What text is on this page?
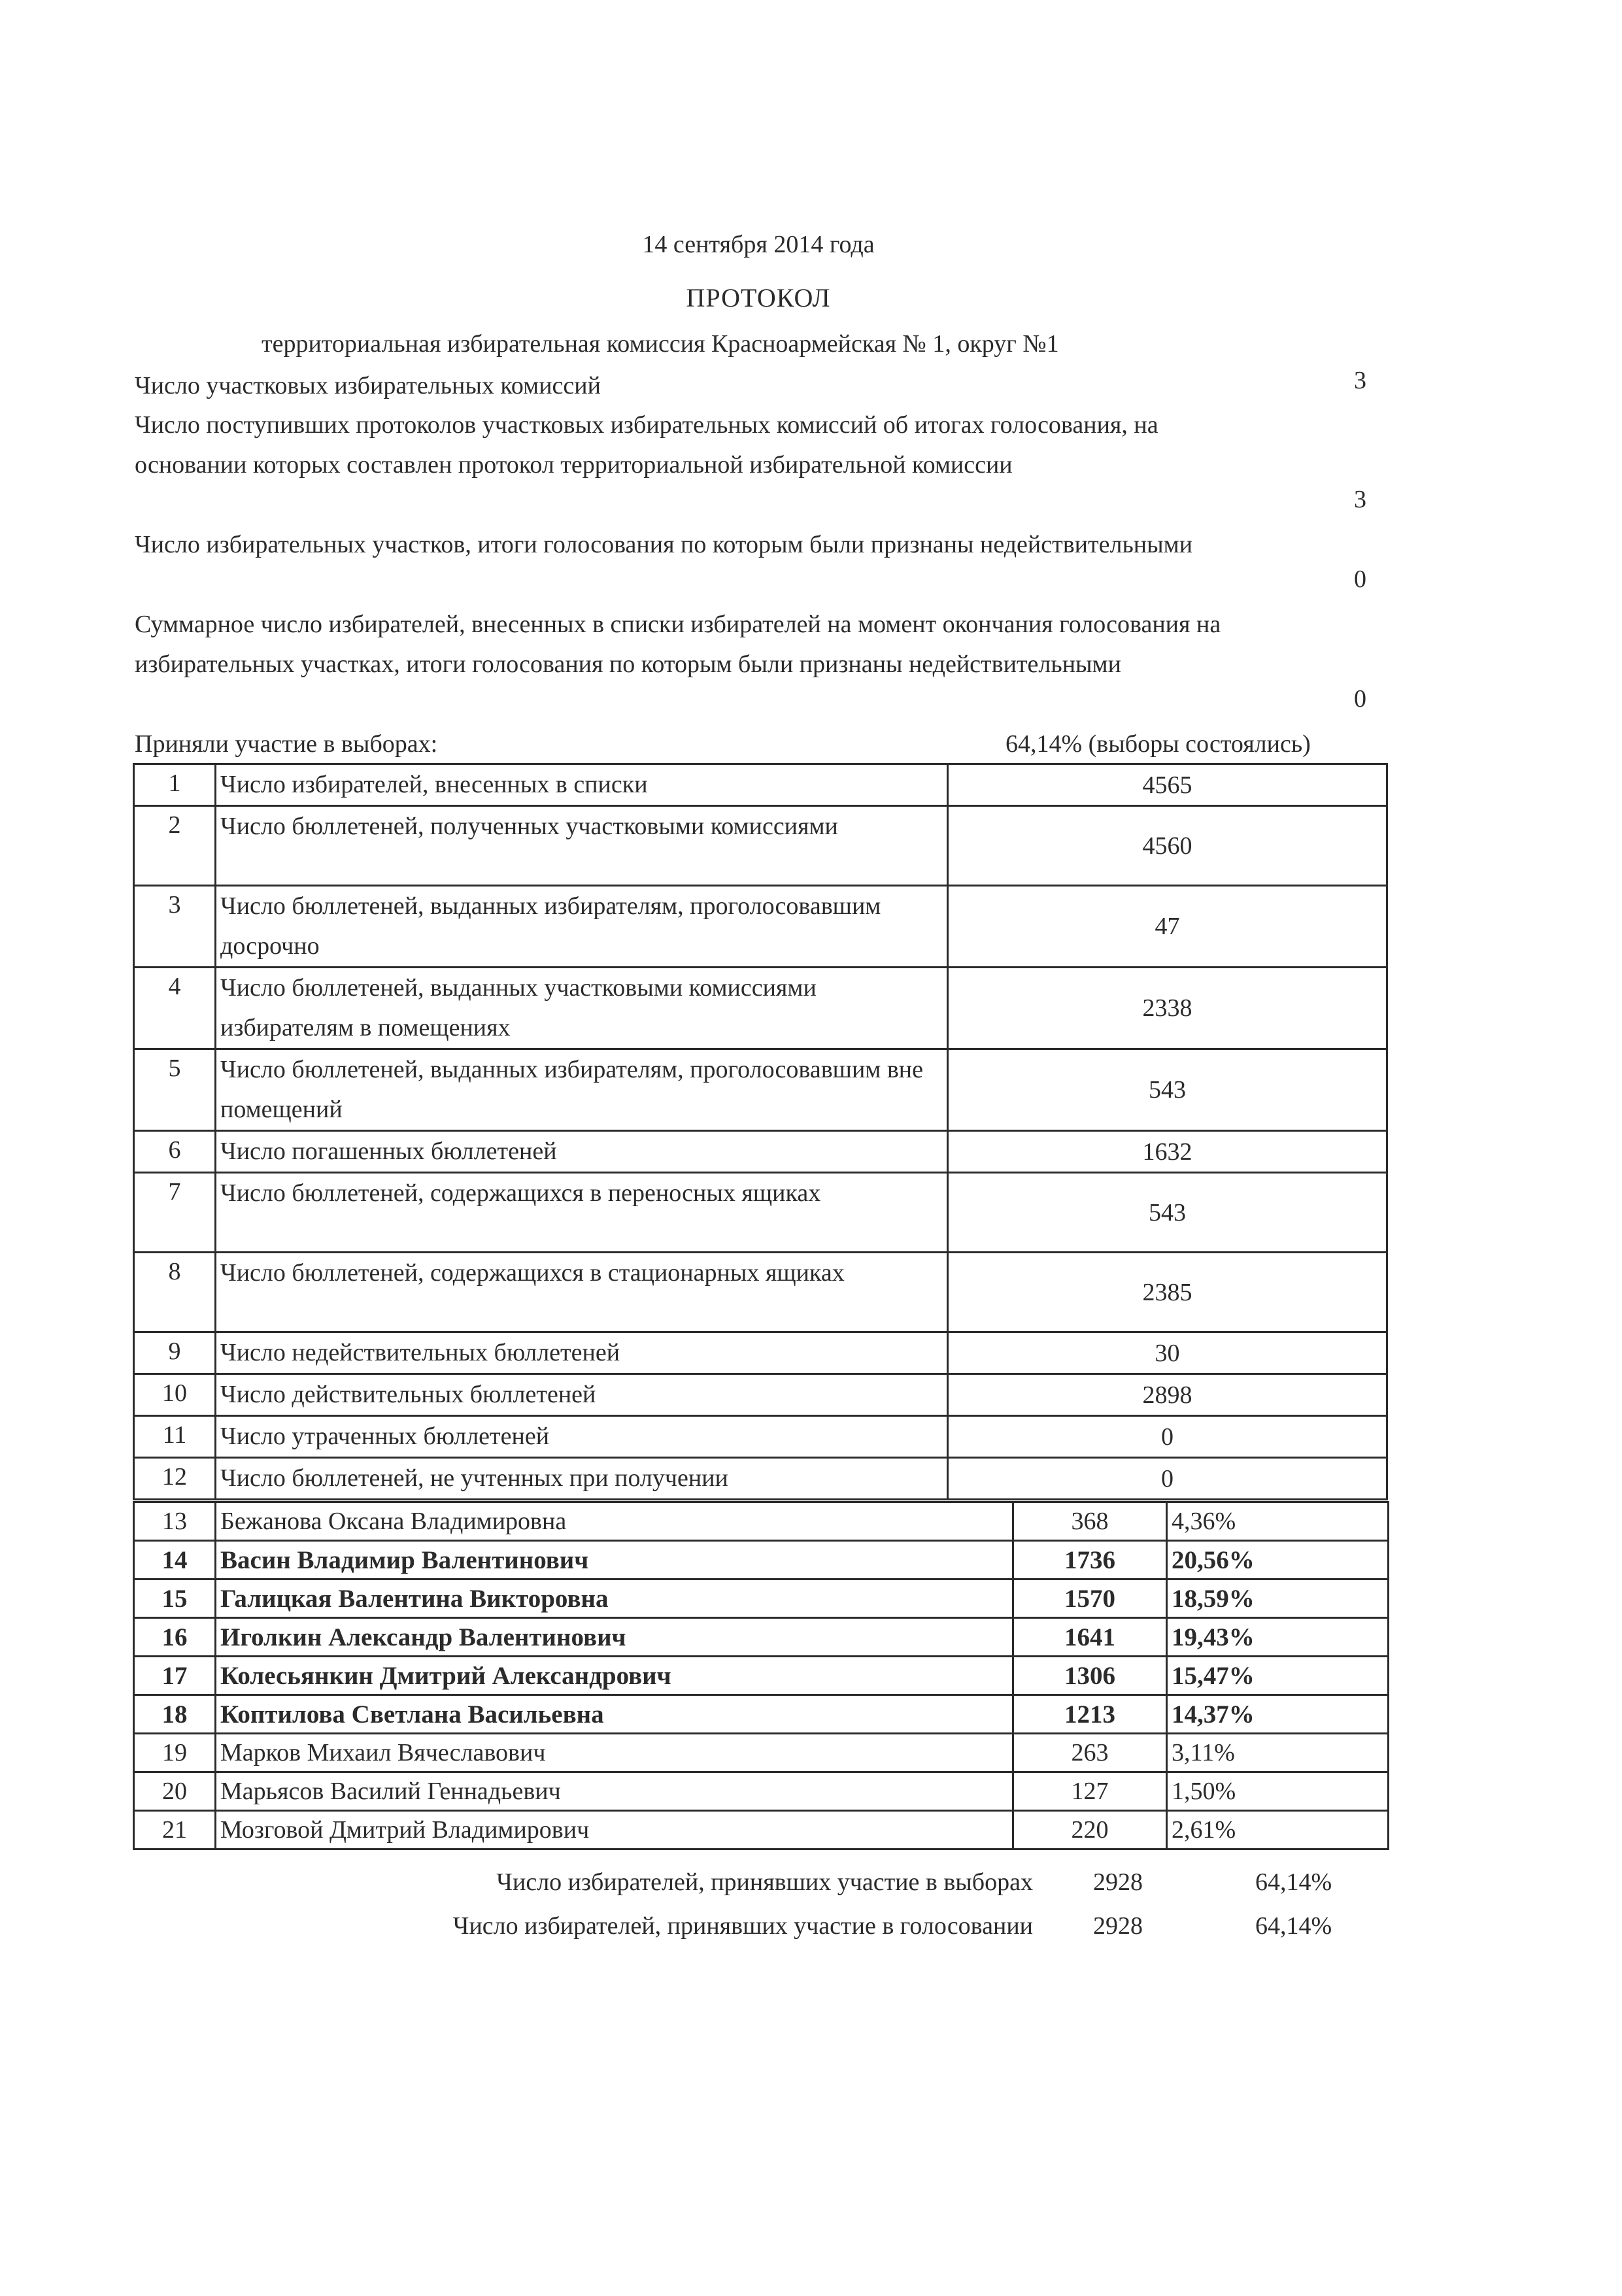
14 сентября 2014 года
ПРОТОКОЛ
территориальная избирательная комиссия Красноармейская № 1, округ №1
Число участковых избирательных комиссий	3
Число поступивших протоколов участковых избирательных комиссий об итогах голосования, на основании которых составлен протокол территориальной избирательной комиссии
3
Число избирательных участков, итоги голосования по которым были признаны недействительными
0
Суммарное число избирателей, внесенных в списки избирателей на момент окончания голосования на избирательных участках, итоги голосования по которым были признаны недействительными
0
Приняли участие в выборах:	64,14% (выборы состоялись)
1	Число избирателей, внесенных в списки	4565
2	Число бюллетеней, полученных участковыми комиссиями	4560
3	Число бюллетеней, выданных избирателям, проголосовавшим досрочно	47
4	Число бюллетеней, выданных участковыми комиссиями избирателям в помещениях	2338
5	Число бюллетеней, выданных избирателям, проголосовавшим вне помещений	543
6	Число погашенных бюллетеней	1632
7	Число бюллетеней, содержащихся в переносных ящиках	543
8	Число бюллетеней, содержащихся в стационарных ящиках	2385
9	Число недействительных бюллетеней	30
10	Число действительных бюллетеней	2898
11	Число утраченных бюллетеней	0
12	Число бюллетеней, не учтенных при получении	0
13	Бежанова Оксана Владимировна	368	4,36%
14	Васин Владимир Валентинович	1736	20,56%
15	Галицкая Валентина Викторовна	1570	18,59%
16	Иголкин Александр Валентинович	1641	19,43%
17	Колесьянкин Дмитрий Александрович	1306	15,47%
18	Коптилова Светлана Васильевна	1213	14,37%
19	Марков Михаил Вячеславович	263	3,11%
20	Марьясов Василий Геннадьевич	127	1,50%
21	Мозговой Дмитрий Владимирович	220	2,61%
Число избирателей, принявших участие в выборах 2928	64,14%
Число избирателей, принявших участие в голосовании 2928	64,14%
